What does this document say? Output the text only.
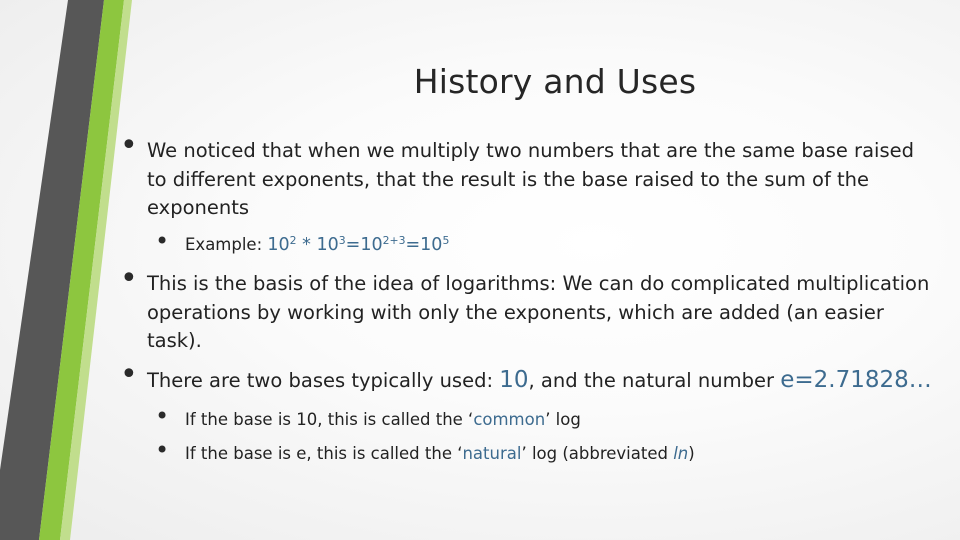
History and Uses
• We noticed that when we multiply two numbers that are the same base raised to different exponents, that the result is the base raised to the sum of the exponents
• Example: $10^2 * 10^3=10^{2+3}=10^5$
• This is the basis of the idea of logarithms: We can do complicated multiplication operations by working with only the exponents, which are added (an easier task).
• There are two bases typically used: 10, and the natural number e=2.71828…
• If the base is 10, this is called the ‘common’ log
• If the base is e, this is called the ‘natural’ log (abbreviated ln)
